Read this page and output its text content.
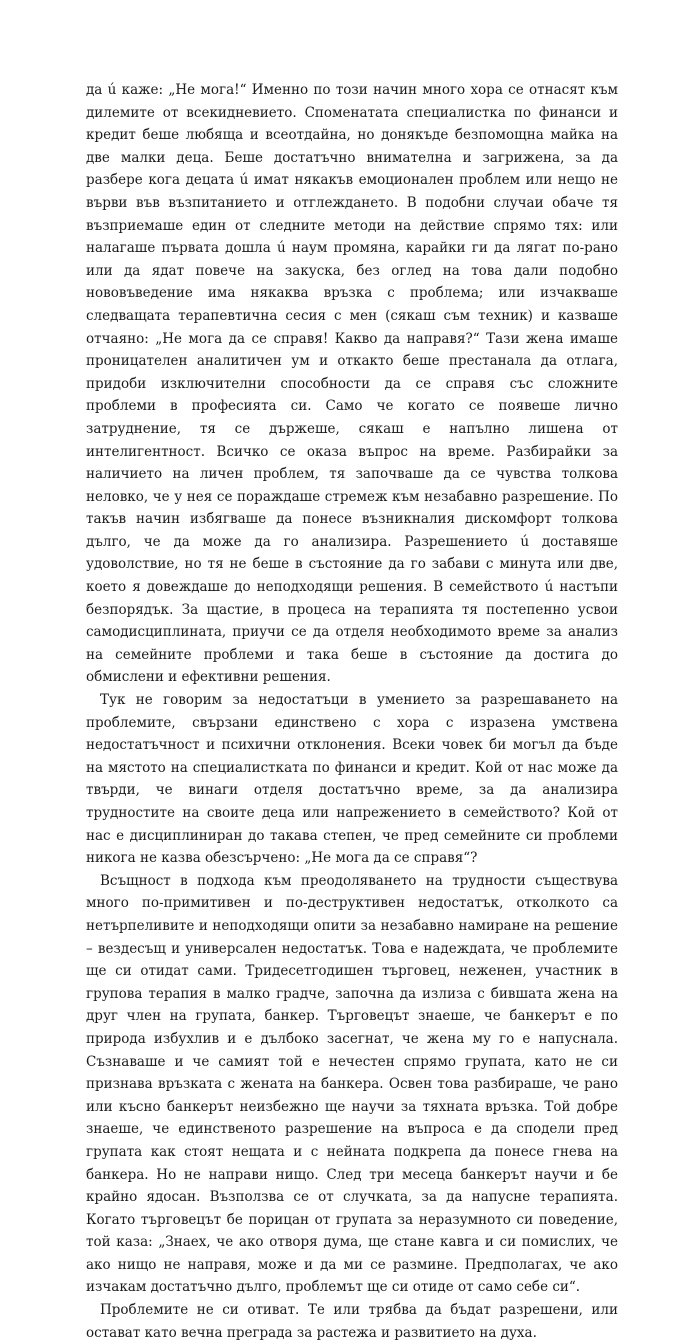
да ú каже: „Не мога!“ Именно по този начин много хора се отнасят към дилемите от всекидневието. Споменатата специалистка по финанси и кредит беше любяща и всеотдайна, но донякъде безпомощна майка на две малки деца. Беше достатъчно внимателна и загрижена, за да разбере кога децата ú имат някакъв емоционален проблем или нещо не върви във възпитанието и отглеждането. В подобни случаи обаче тя възприемаше един от следните методи на действие спрямо тях: или налагаше първата дошла ú наум промяна, карайки ги да лягат по-рано или да ядат повече на закуска, без оглед на това дали подобно нововъведение има някаква връзка с проблема; или изчакваше следващата терапевтична сесия с мен (сякаш съм техник) и казваше отчаяно: „Не мога да се справя! Какво да направя?“ Тази жена имаше проницателен аналитичен ум и откакто беше престанала да отлага, придоби изключителни способности да се справя със сложните проблеми в професията си. Само че когато се появеше лично затруднение, тя се държеше, сякаш е напълно лишена от интелигентност. Всичко се оказа въпрос на време. Разбирайки за наличието на личен проблем, тя започваше да се чувства толкова неловко, че у нея се пораждаше стремеж към незабавно разрешение. По такъв начин избягваше да понесе възникналия дискомфорт толкова дълго, че да може да го анализира. Разрешението ú доставяше удоволствие, но тя не беше в състояние да го забави с минута или две, което я довеждаше до неподходящи решения. В семейството ú настъпи безпорядък. За щастие, в процеса на терапията тя постепенно усвои самодисциплината, приучи се да отделя необходимото време за анализ на семейните проблеми и така беше в състояние да достига до обмислени и ефективни решения.

Тук не говорим за недостатъци в умението за разрешаването на проблемите, свързани единствено с хора с изразена умствена недостатъчност и психични отклонения. Всеки човек би могъл да бъде на мястото на специалистката по финанси и кредит. Кой от нас може да твърди, че винаги отделя достатъчно време, за да анализира трудностите на своите деца или напрежението в семейството? Кой от нас е дисциплиниран до такава степен, че пред семейните си проблеми никога не казва обезсърчено: „Не мога да се справя“?

Всъщност в подхода към преодоляването на трудности съществува много по-примитивен и по-деструктивен недостатък, отколкото са нетърпеливите и неподходящи опити за незабавно намиране на решение – вездесъщ и универсален недостатък. Това е надеждата, че проблемите ще си отидат сами. Тридесетгодишен търговец, неженен, участник в групова терапия в малко градче, започна да излиза с бившата жена на друг член на групата, банкер. Търговецът знаеше, че банкерът е по природа избухлив и е дълбоко засегнат, че жена му го е напуснала. Съзнаваше и че самият той е нечестен спрямо групата, като не си признава връзката с жената на банкера. Освен това разбираше, че рано или късно банкерът неизбежно ще научи за тяхната връзка. Той добре знаеше, че единственото разрешение на въпроса е да сподели пред групата как стоят нещата и с нейната подкрепа да понесе гнева на банкера. Но не направи нищо. След три месеца банкерът научи и бе крайно ядосан. Възползва се от случката, за да напусне терапията. Когато търговецът бе порицан от групата за неразумното си поведение, той каза: „Знаех, че ако отворя дума, ще стане кавга и си помислих, че ако нищо не направя, може и да ми се размине. Предполагах, че ако изчакам достатъчно дълго, проблемът ще си отиде от само себе си“.

Проблемите не си отиват. Те или трябва да бъдат разрешени, или остават като вечна преграда за растежа и развитието на духа.
